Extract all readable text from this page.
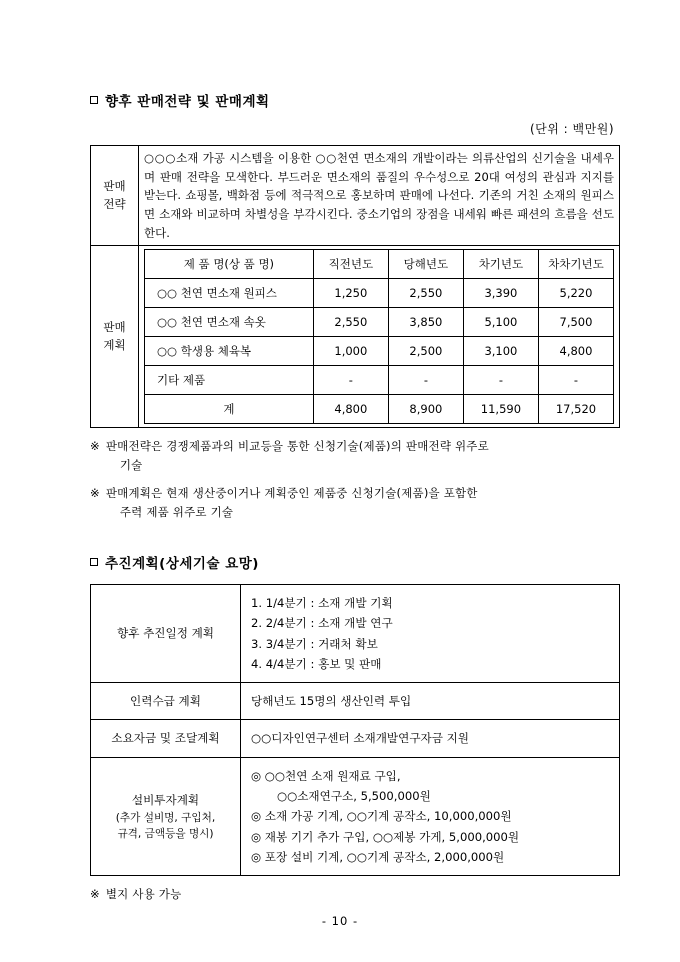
향후 판매전략 및 판매계획
(단위 : 백만원)
판매
전략
	○○○소재 가공 시스템을 이용한 ○○천연 면소재의 개발이라는 의류산업의 신기술을 내세우며 판매 전략을 모색한다. 부드러운 면소재의 품질의 우수성으로 20대 여성의 관심과 지지를 받는다. 쇼핑몰, 백화점 등에 적극적으로 홍보하며 판매에 나선다. 기존의 거친 소재의 원피스 면 소재와 비교하며 차별성을 부각시킨다. 중소기업의 장점을 내세워 빠른 패션의 흐름을 선도한다.

판매
계획

제 품 명(상 품 명)	직전년도	당해년도	차기년도	차차기년도
○○ 천연 면소재 원피스	1,250	2,550	3,390	5,220
○○ 천연 면소재 속옷	2,550	3,850	5,100	7,500
○○ 학생용 체육복	1,000	2,500	3,100	4,800
기타 제품	-	-	-	-
계	4,800	8,900	11,590	17,520
※ 판매전략은 경쟁제품과의 비교등을 통한 신청기술(제품)의 판매전략 위주로
기술
※ 판매계획은 현재 생산중이거나 계획중인 제품중 신청기술(제품)을 포함한
주력 제품 위주로 기술
추진계획(상세기술 요망)
향후 추진일정 계획	1. 1/4분기 : 소재 개발 기획
2. 2/4분기 : 소재 개발 연구
3. 3/4분기 : 거래처 확보
4. 4/4분기 : 홍보 및 판매

인력수급 계획	당해년도 15명의 생산인력 투입
소요자금 및 조달계획	○○디자인연구센터 소재개발연구자금 지원
설비투자계획
(추가 설비명, 구입처,
규격, 금액등을 명시)	◎ ○○천연 소재 원재료 구입,
○○소재연구소, 5,500,000원
◎ 소재 가공 기계, ○○기계 공작소, 10,000,000원
◎ 재봉 기기 추가 구입, ○○제봉 가게, 5,000,000원
◎ 포장 설비 기계, ○○기계 공작소, 2,000,000원
※ 별지 사용 가능
- 10 -
